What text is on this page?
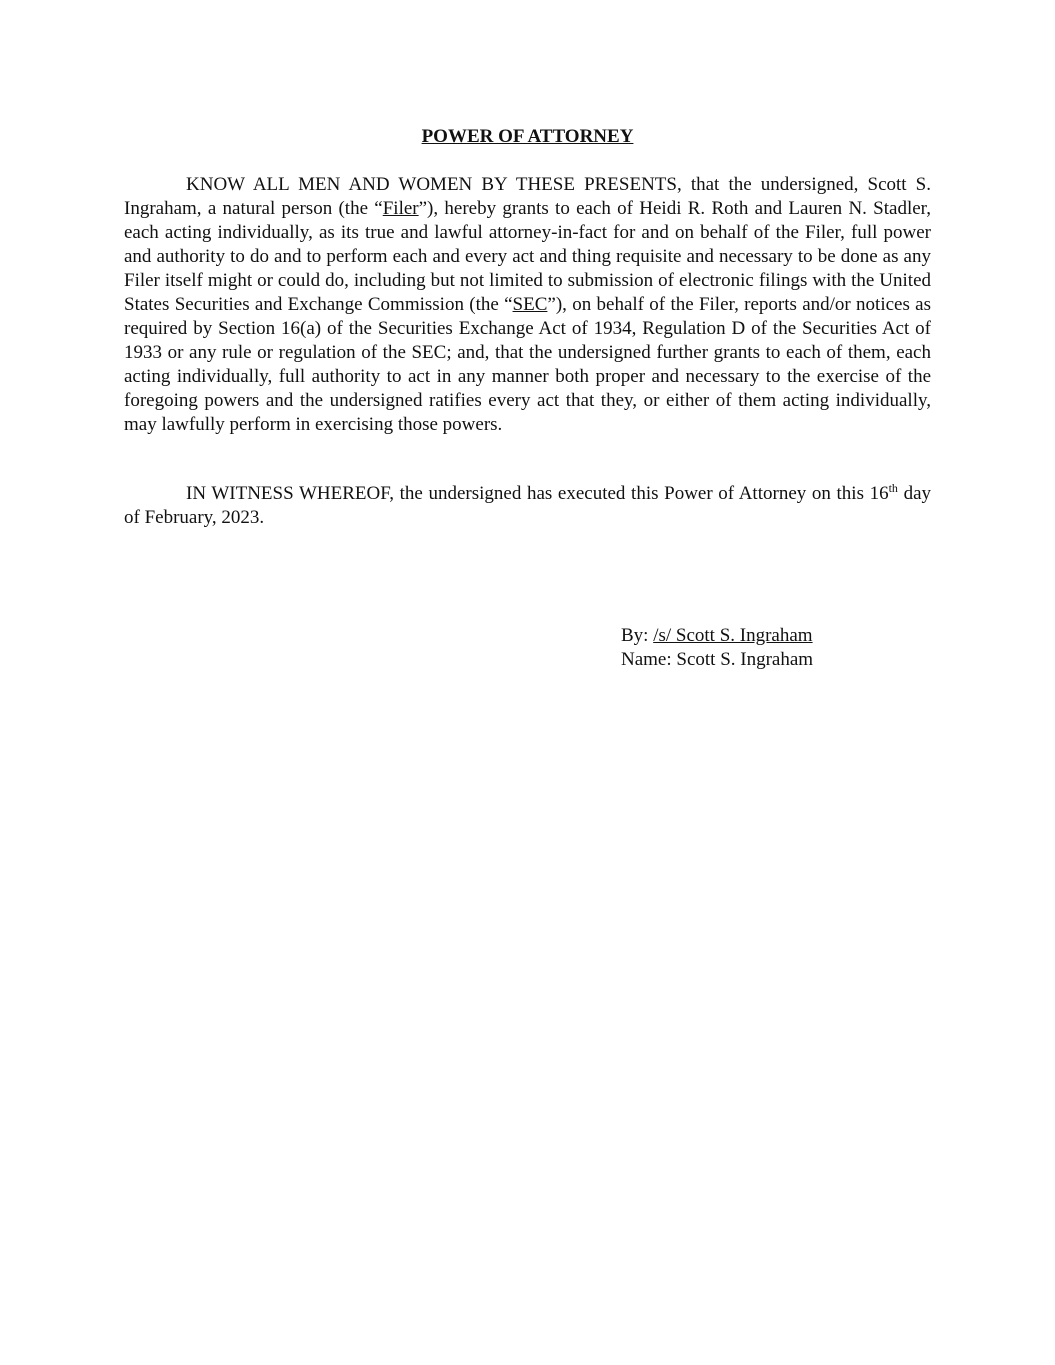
POWER OF ATTORNEY

KNOW ALL MEN AND WOMEN BY THESE PRESENTS, that the undersigned, Scott S. Ingraham, a natural person (the “Filer”), hereby grants to each of Heidi R. Roth and Lauren N. Stadler, each acting individually, as its true and lawful attorney-in-fact for and on behalf of the Filer, full power and authority to do and to perform each and every act and thing requisite and necessary to be done as any Filer itself might or could do, including but not limited to submission of electronic filings with the United States Securities and Exchange Commission (the “SEC”), on behalf of the Filer, reports and/or notices as required by Section 16(a) of the Securities Exchange Act of 1934, Regulation D of the Securities Act of 1933 or any rule or regulation of the SEC; and, that the undersigned further grants to each of them, each acting individually, full authority to act in any manner both proper and necessary to the exercise of the foregoing powers and the undersigned ratifies every act that they, or either of them acting individually, may lawfully perform in exercising those powers.

IN WITNESS WHEREOF, the undersigned has executed this Power of Attorney on this 16th day of February, 2023.

By: /s/ Scott S. Ingraham
Name: Scott S. Ingraham
